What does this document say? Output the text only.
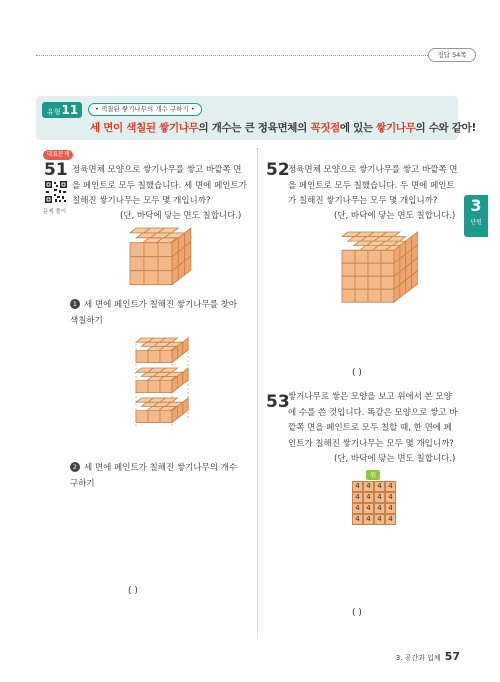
정답 54쪽
유형11	• 색칠된 쌓기나무의 개수 구하기 •
세 면이 색칠된 쌓기나무의 개수는 큰 정육면체의 꼭짓점에 있는 쌓기나무의 수와 같아!
3
단원
대표문제
51 정육면체 모양으로 쌓기나무를 쌓고 바깥쪽 면을 페인트로 모두 칠했습니다. 세 면에 페인트가 칠해진 쌓기나무는 모두 몇 개입니까?
(단, 바닥에 닿는 면도 칠합니다.)
문제 풀이
1 세 면에 페인트가 칠해진 쌓기나무를 찾아 색칠하기
2 세 면에 페인트가 칠해진 쌓기나무의 개수 구하기
( )
52
정육면체 모양으로 쌓기나무를 쌓고 바깥쪽 면을 페인트로 모두 칠했습니다. 두 면에 페인트가 칠해진 쌓기나무는 모두 몇 개입니까?
(단, 바닥에 닿는 면도 칠합니다.)
( )
53
쌓기나무로 쌓은 모양을 보고 위에서 본 모양에 수를 쓴 것입니다. 똑같은 모양으로 쌓고 바깥쪽 면을 페인트로 모두 칠할 때, 한 면에 페인트가 칠해진 쌓기나무는 모두 몇 개입니까?
(단, 바닥에 닿는 면도 칠합니다.)
위
4 4 4 4
4 4 4 4
4 4 4 4
4 4 4 4
( )
3. 공간과 입체 57
